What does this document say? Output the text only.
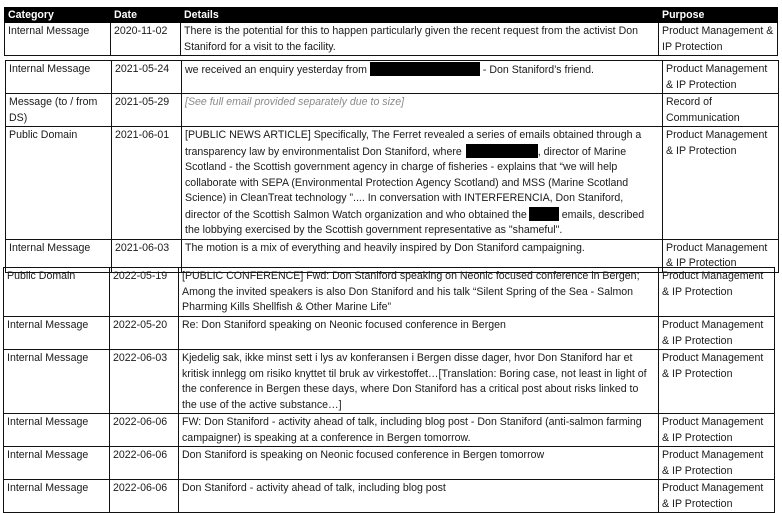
Category	Date	Details	Purpose
Internal Message	2020-11-02	There is the potential for this to happen particularly given the recent request from the activist Don Staniford for a visit to the facility.	Product Management & IP Protection
Internal Message	2021-05-24	we received an enquiry yesterday from - Don Staniford’s friend.	Product Management & IP Protection
Message (to / from DS)	2021-05-29	[See full email provided separately due to size]	Record of Communication
Public Domain	2021-06-01	[PUBLIC NEWS ARTICLE] Specifically, The Ferret revealed a series of emails obtained through a transparency law by environmentalist Don Staniford, where , director of Marine Scotland - the Scottish government agency in charge of fisheries - explains that “we will help collaborate with SEPA (Environmental Protection Agency Scotland) and MSS (Marine Scotland Science) in CleanTreat technology ”.... In conversation with INTERFERENCIA, Don Staniford, director of the Scottish Salmon Watch organization and who obtained the emails, described the lobbying exercised by the Scottish government representative as "shameful".	Product Management & IP Protection
Internal Message	2021-06-03	The motion is a mix of everything and heavily inspired by Don Staniford campaigning.	Product Management & IP Protection
Public Domain	2022-05-19	[PUBLIC CONFERENCE] Fwd: Don Staniford speaking on Neonic focused conference in Bergen; Among the invited speakers is also Don Staniford and his talk “Silent Spring of the Sea - Salmon Pharming Kills Shellfish & Other Marine Life”	Product Management & IP Protection
Internal Message	2022-05-20	Re: Don Staniford speaking on Neonic focused conference in Bergen	Product Management & IP Protection
Internal Message	2022-06-03	Kjedelig sak, ikke minst sett i lys av konferansen i Bergen disse dager, hvor Don Staniford har et kritisk innlegg om risiko knyttet til bruk av virkestoffet…[Translation: Boring case, not least in light of the conference in Bergen these days, where Don Staniford has a critical post about risks linked to the use of the active substance…]	Product Management & IP Protection
Internal Message	2022-06-06	FW: Don Staniford - activity ahead of talk, including blog post - Don Staniford (anti-salmon farming campaigner) is speaking at a conference in Bergen tomorrow.	Product Management & IP Protection
Internal Message	2022-06-06	Don Staniford is speaking on Neonic focused conference in Bergen tomorrow	Product Management & IP Protection
Internal Message	2022-06-06	Don Staniford - activity ahead of talk, including blog post	Product Management & IP Protection
